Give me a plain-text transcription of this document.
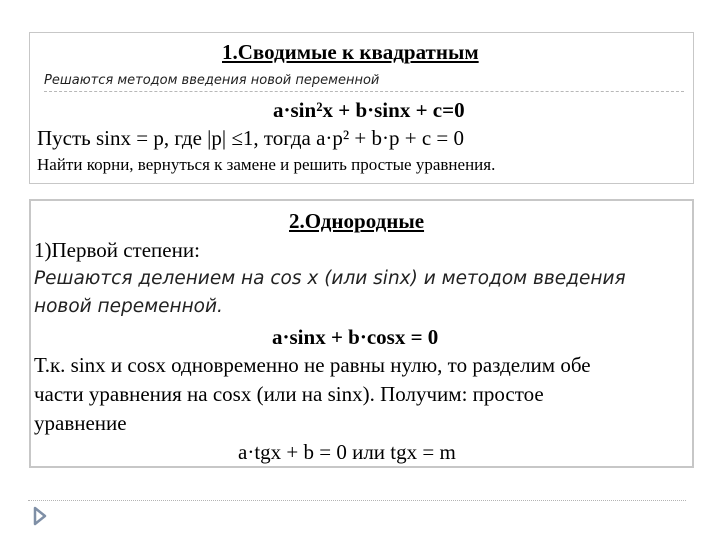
1.Сводимые к квадратным
Решаются методом введения новой переменной
a·sin²x + b·sinx + c=0
Пусть sinx = p, где |p| ≤1, тогда a·p² + b·p + c = 0
Найти корни, вернуться к замене и решить простые уравнения.
2.Однородные
1)Первой степени:
Решаются делением на cos x (или sinx) и методом введения
новой переменной.
a·sinx + b·cosx = 0
Т.к. sinx и cosx одновременно не равны нулю, то разделим обе
части уравнения на cosx (или на sinx). Получим: простое
уравнение
a·tgx + b = 0 или tgx = m
